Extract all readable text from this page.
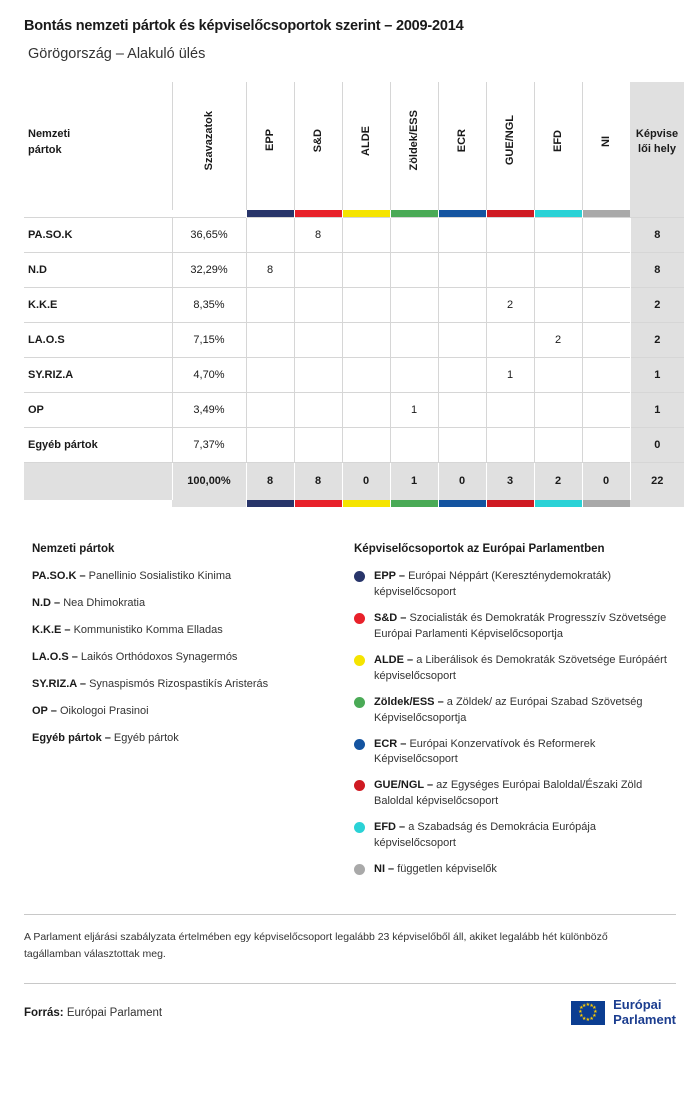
Bontás nemzeti pártok és képviselőcsoportok szerint – 2009-2014
Görögország – Alakuló ülés
Nemzeti
pártok	Szavazatok	EPP	S&D	ALDE	Zöldek/ESS	ECR	GUE/NGL	EFD	NI	Képvise
lői hely

PA.SO.K	36,65%		8							8
N.D	32,29%	8								8
K.K.E	8,35%						2			2
LA.O.S	7,15%							2		2
SY.RIZ.A	4,70%						1			1
OP	3,49%				1					1
Egyéb pártok	7,37%									0
	100,00%	8	8	0	1	0	3	2	0	22

Nemzeti pártok
PA.SO.K – Panellinio Sosialistiko Kinima
N.D – Nea Dhimokratia
K.K.E – Kommunistiko Komma Elladas
LA.O.S – Laikós Orthódoxos Synagermós
SY.RIZ.A – Synaspismós Rizospastikís Aristerás
OP – Oikologoi Prasinoi
Egyéb pártok – Egyéb pártok
Képviselőcsoportok az Európai Parlamentben
EPP – Európai Néppárt (Kereszténydemokraták) képviselőcsoport
S&D – Szocialisták és Demokraták Progresszív Szövetsége Európai Parlamenti Képviselőcsoportja
ALDE – a Liberálisok és Demokraták Szövetsége Európáért képviselőcsoport
Zöldek/ESS – a Zöldek/ az Európai Szabad Szövetség Képviselőcsoportja
ECR – Európai Konzervatívok és Reformerek Képviselőcsoport
GUE/NGL – az Egységes Európai Baloldal/Északi Zöld Baloldal képviselőcsoport
EFD – a Szabadság és Demokrácia Európája képviselőcsoport
NI – független képviselők
A Parlament eljárási szabályzata értelmében egy képviselőcsoport legalább 23 képviselőből áll, akiket legalább hét különböző tagállamban választottak meg.
Forrás: Európai Parlament
★ ★
★
★
★
★
★
★
★
★
★
★ Európai
Parlament
